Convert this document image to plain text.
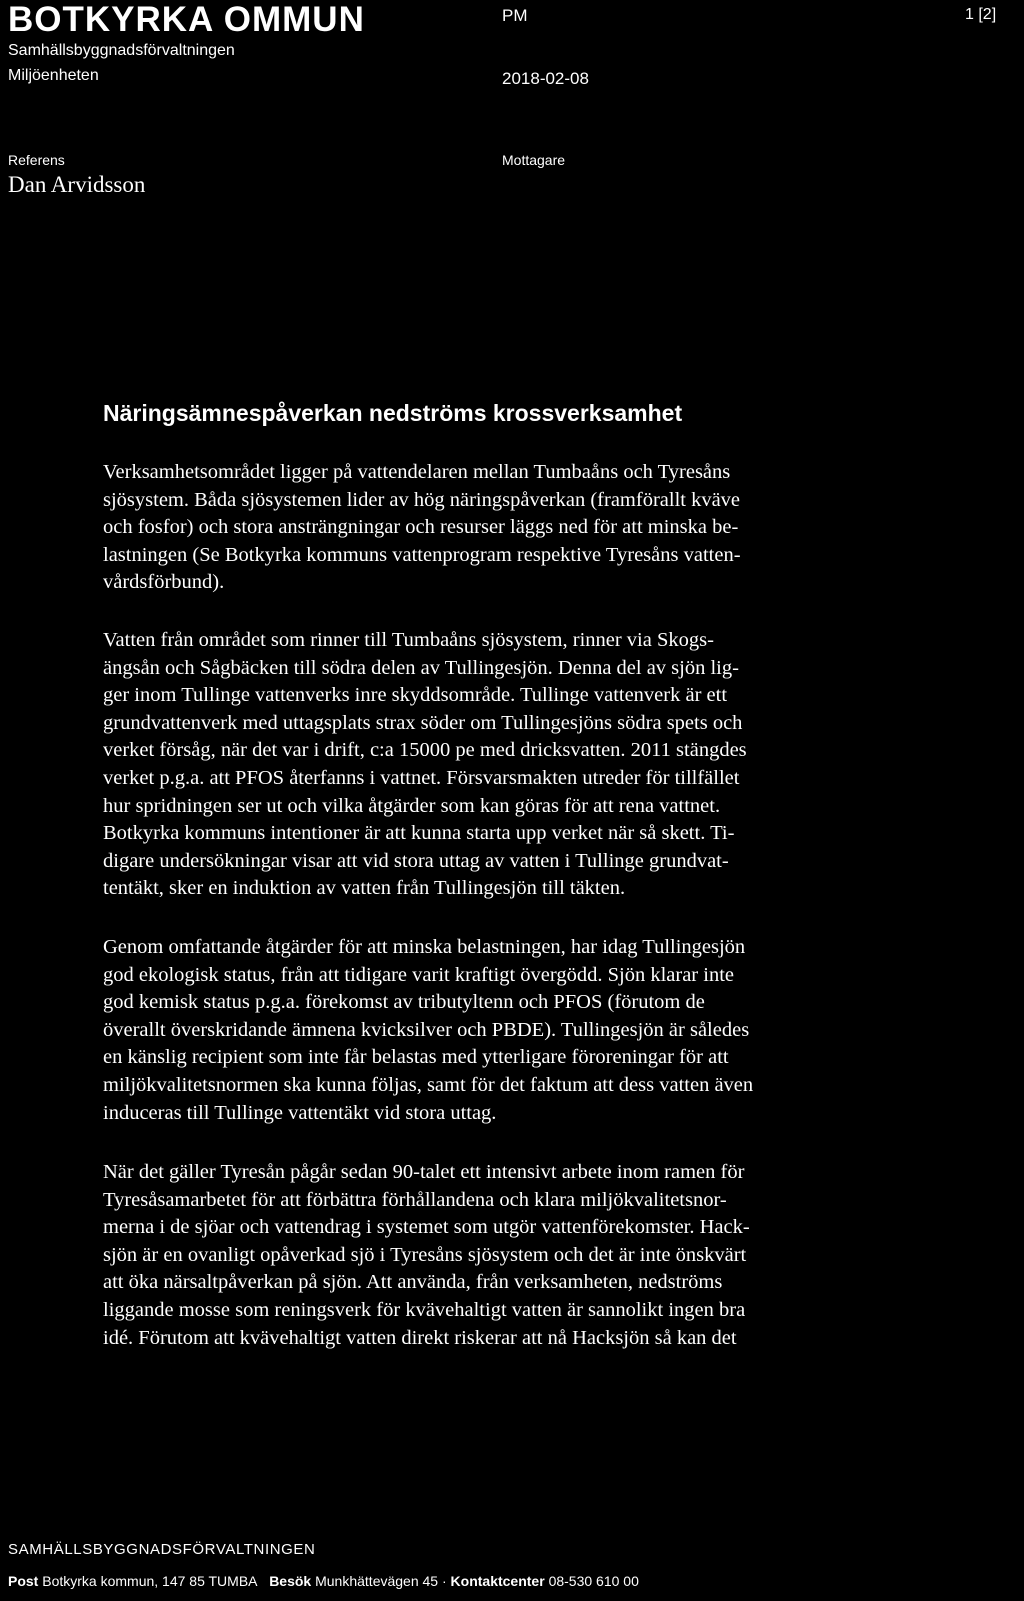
BOTKYRKA OMMUN	PM	1 [2]
Samhällsbyggnadsförvaltningen
Miljöenheten	2018-02-08
Referens
Dan Arvidsson
Mottagare
Näringsämnespåverkan nedströms krossverksamhet
Verksamhetsområdet ligger på vattendelaren mellan Tumbaåns och Tyresåns
sjösystem. Båda sjösystemen lider av hög näringspåverkan (framförallt kväve
och fosfor) och stora ansträngningar och resurser läggs ned för att minska be-
lastningen (Se Botkyrka kommuns vattenprogram respektive Tyresåns vatten-
vårdsförbund).
Vatten från området som rinner till Tumbaåns sjösystem, rinner via Skogs-
ängsån och Sågbäcken till södra delen av Tullingesjön. Denna del av sjön lig-
ger inom Tullinge vattenverks inre skyddsområde. Tullinge vattenverk är ett
grundvattenverk med uttagsplats strax söder om Tullingesjöns södra spets och
verket försåg, när det var i drift, c:a 15000 pe med dricksvatten. 2011 stängdes
verket p.g.a. att PFOS återfanns i vattnet. Försvarsmakten utreder för tillfället
hur spridningen ser ut och vilka åtgärder som kan göras för att rena vattnet.
Botkyrka kommuns intentioner är att kunna starta upp verket när så skett. Ti-
digare undersökningar visar att vid stora uttag av vatten i Tullinge grundvat-
tentäkt, sker en induktion av vatten från Tullingesjön till täkten.
Genom omfattande åtgärder för att minska belastningen, har idag Tullingesjön
god ekologisk status, från att tidigare varit kraftigt övergödd. Sjön klarar inte
god kemisk status p.g.a. förekomst av tributyltenn och PFOS (förutom de
överallt överskridande ämnena kvicksilver och PBDE). Tullingesjön är således
en känslig recipient som inte får belastas med ytterligare föroreningar för att
miljökvalitetsnormen ska kunna följas, samt för det faktum att dess vatten även
induceras till Tullinge vattentäkt vid stora uttag.
När det gäller Tyresån pågår sedan 90-talet ett intensivt arbete inom ramen för
Tyresåsamarbetet för att förbättra förhållandena och klara miljökvalitetsnor-
merna i de sjöar och vattendrag i systemet som utgör vattenförekomster. Hack-
sjön är en ovanligt opåverkad sjö i Tyresåns sjösystem och det är inte önskvärt
att öka närsaltpåverkan på sjön. Att använda, från verksamheten, nedströms
liggande mosse som reningsverk för kvävehaltigt vatten är sannolikt ingen bra
idé. Förutom att kvävehaltigt vatten direkt riskerar att nå Hacksjön så kan det
SAMHÄLLSBYGGNADSFÖRVALTNINGEN
Post Botkyrka kommun, 147 85 TUMBA Besök Munkhättevägen 45 · Kontaktcenter 08-530 610 00
